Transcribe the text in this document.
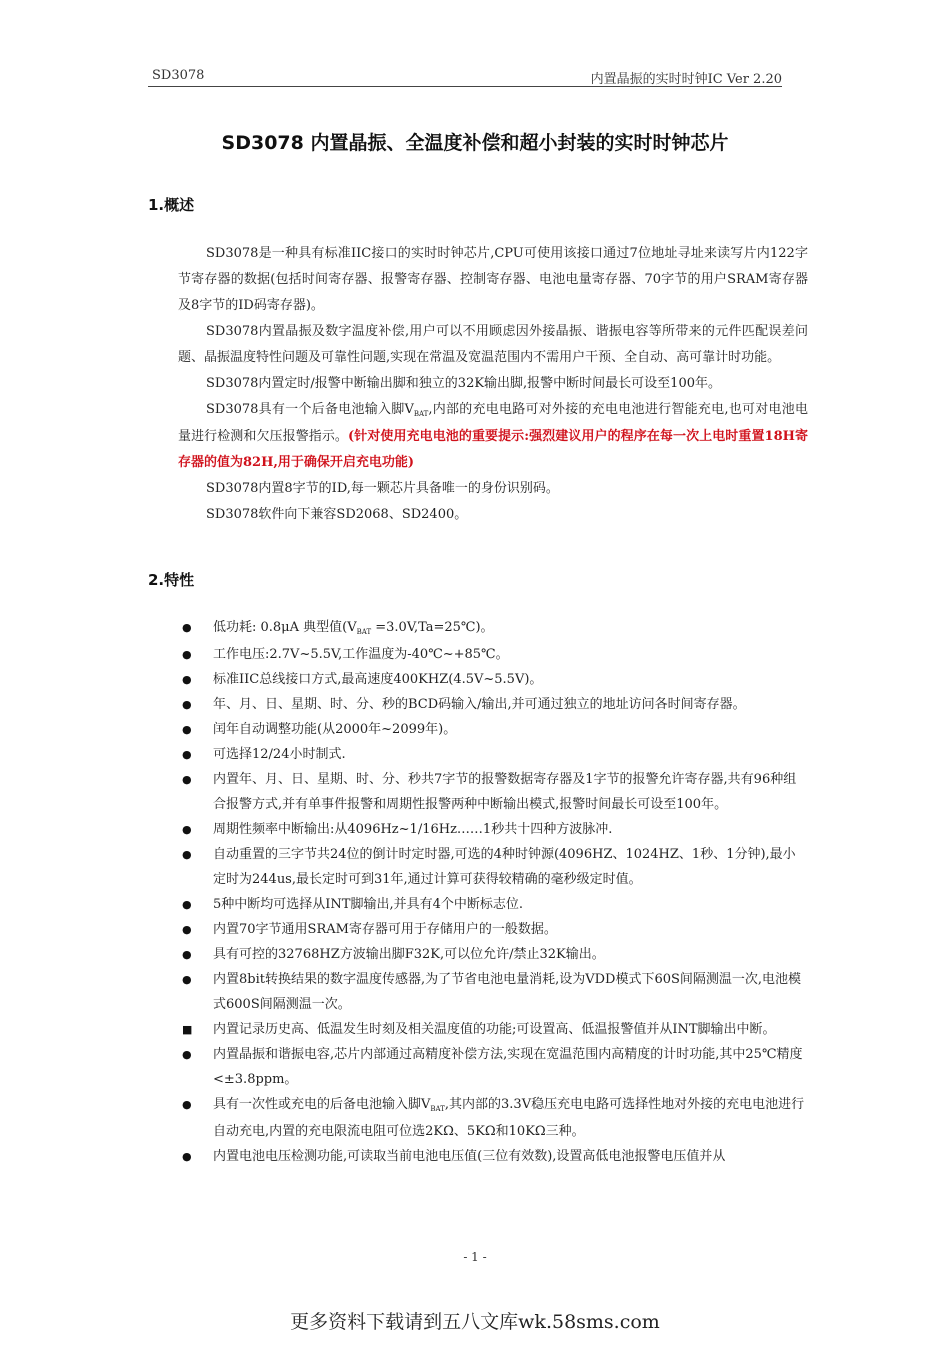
SD3078	内置晶振的实时时钟IC Ver 2.20
SD3078 内置晶振、全温度补偿和超小封装的实时时钟芯片
1.概述

SD3078是一种具有标准IIC接口的实时时钟芯片,CPU可使用该接口通过7位地址寻址来读写片内122字节寄存器的数据(包括时间寄存器、报警寄存器、控制寄存器、电池电量寄存器、70字节的用户SRAM寄存器及8字节的ID码寄存器)。

SD3078内置晶振及数字温度补偿,用户可以不用顾虑因外接晶振、谐振电容等所带来的元件匹配误差问题、晶振温度特性问题及可靠性问题,实现在常温及宽温范围内不需用户干预、全自动、高可靠计时功能。

SD3078内置定时/报警中断输出脚和独立的32K输出脚,报警中断时间最长可设至100年。

SD3078具有一个后备电池输入脚$V_{BAT}$,内部的充电电路可对外接的充电电池进行智能充电,也可对电池电量进行检测和欠压报警指示。(针对使用充电电池的重要提示:强烈建议用户的程序在每一次上电时重置18H寄存器的值为82H,用于确保开启充电功能)

SD3078内置8字节的ID,每一颗芯片具备唯一的身份识别码。

SD3078软件向下兼容SD2068、SD2400。

2.特性
● 低功耗: 0.8μA 典型值($V_{BAT}$ =3.0V,Ta=25℃)。
● 工作电压:2.7V~5.5V,工作温度为-40℃~+85℃。
● 标准IIC总线接口方式,最高速度400KHZ(4.5V~5.5V)。
● 年、月、日、星期、时、分、秒的BCD码输入/输出,并可通过独立的地址访问各时间寄存器。
● 闰年自动调整功能(从2000年~2099年)。
● 可选择12/24小时制式.
● 内置年、月、日、星期、时、分、秒共7字节的报警数据寄存器及1字节的报警允许寄存器,共有96种组合报警方式,并有单事件报警和周期性报警两种中断输出模式,报警时间最长可设至100年。
● 周期性频率中断输出:从4096Hz~1/16Hz……1秒共十四种方波脉冲.
● 自动重置的三字节共24位的倒计时定时器,可选的4种时钟源(4096HZ、1024HZ、1秒、1分钟),最小定时为244us,最长定时可到31年,通过计算可获得较精确的毫秒级定时值。
● 5种中断均可选择从INT脚输出,并具有4个中断标志位.
● 内置70字节通用SRAM寄存器可用于存储用户的一般数据。
● 具有可控的32768HZ方波输出脚F32K,可以位允许/禁止32K输出。
● 内置8bit转换结果的数字温度传感器,为了节省电池电量消耗,设为VDD模式下60S间隔测温一次,电池模式600S间隔测温一次。
■ 内置记录历史高、低温发生时刻及相关温度值的功能;可设置高、低温报警值并从INT脚输出中断。
● 内置晶振和谐振电容,芯片内部通过高精度补偿方法,实现在宽温范围内高精度的计时功能,其中25℃精度<±3.8ppm。
● 具有一次性或充电的后备电池输入脚$V_{BAT}$,其内部的3.3V稳压充电电路可选择性地对外接的充电电池进行自动充电,内置的充电限流电阻可位选2KΩ、5KΩ和10KΩ三种。
● 内置电池电压检测功能,可读取当前电池电压值(三位有效数),设置高低电池报警电压值并从
- 1 -
更多资料下载请到五八文库wk.58sms.com
